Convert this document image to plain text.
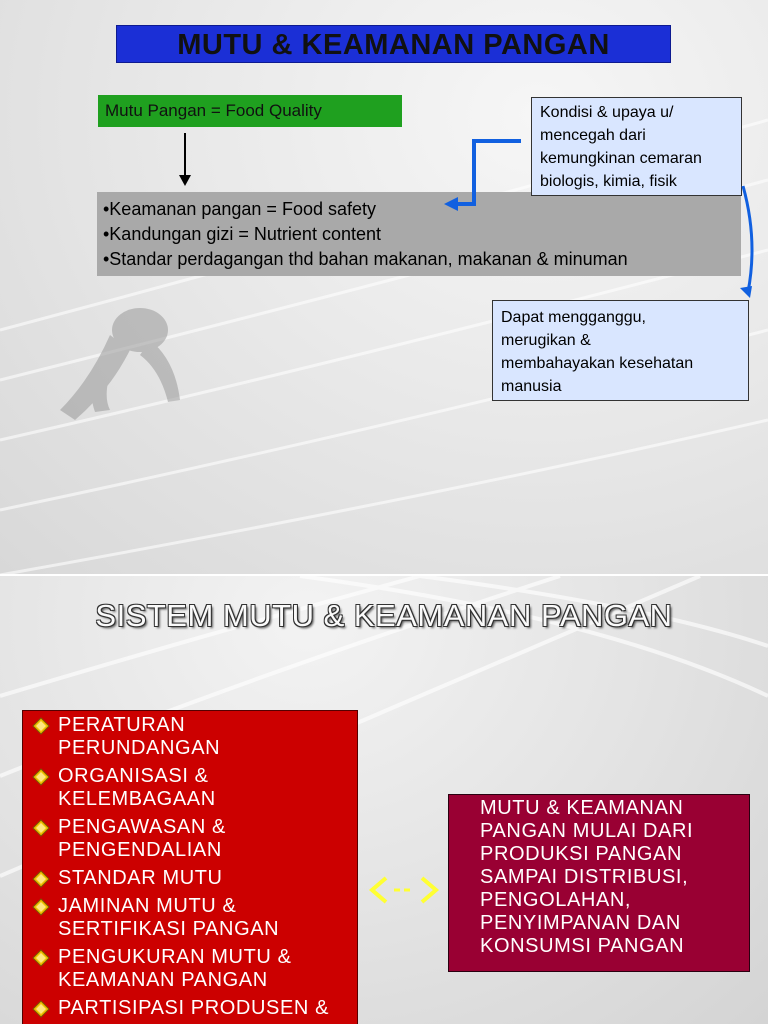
MUTU & KEAMANAN PANGAN
Mutu Pangan = Food Quality
•Keamanan pangan = Food safety
•Kandungan gizi = Nutrient content
•Standar perdagangan thd bahan makanan, makanan & minuman
Kondisi & upaya u/
mencegah dari
kemungkinan cemaran
biologis, kimia, fisik
Dapat mengganggu,
merugikan &
membahayakan kesehatan
manusia
SISTEM MUTU & KEAMANAN PANGAN
PERATURAN
PERUNDANGAN
ORGANISASI &
KELEMBAGAAN
PENGAWASAN &
PENGENDALIAN
STANDAR MUTU
JAMINAN MUTU &
SERTIFIKASI PANGAN
PENGUKURAN MUTU &
KEAMANAN PANGAN
PARTISIPASI PRODUSEN &
MUTU & KEAMANAN
PANGAN MULAI DARI
PRODUKSI PANGAN
SAMPAI DISTRIBUSI,
PENGOLAHAN,
PENYIMPANAN DAN
KONSUMSI PANGAN
